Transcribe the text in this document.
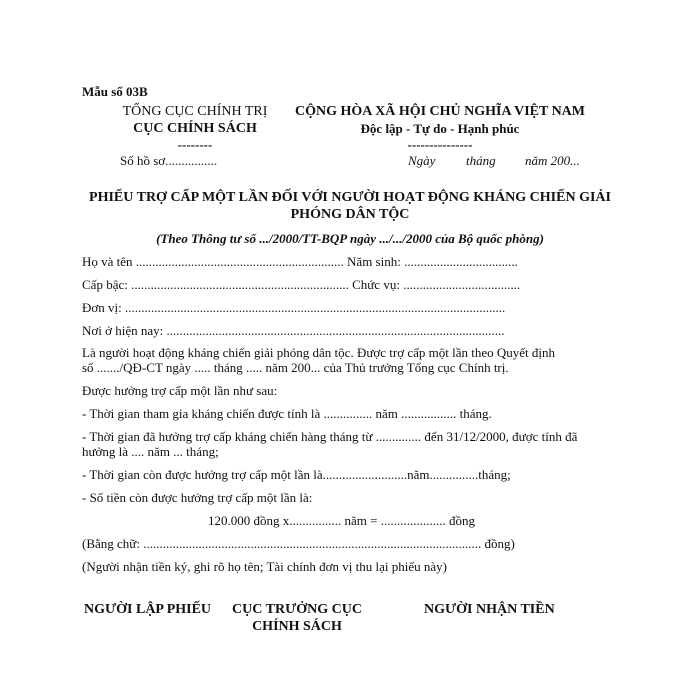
Mẫu số 03B
TỔNG CỤC CHÍNH TRỊ
CỤC CHÍNH SÁCH
--------
Số hồ sơ................
CỘNG HÒA XÃ HỘI CHỦ NGHĨA VIỆT NAM
Độc lập - Tự do - Hạnh phúc
---------------
Ngày tháng năm 200...
PHIẾU TRỢ CẤP MỘT LẦN ĐỐI VỚI NGƯỜI HOẠT ĐỘNG KHÁNG CHIẾN GIẢI
PHÓNG DÂN TỘC
(Theo Thông tư số .../2000/TT-BQP ngày .../.../2000 của Bộ quốc phòng)
Họ và tên ................................................................ Năm sinh: ...................................
Cấp bậc: ................................................................... Chức vụ: ....................................
Đơn vị: .....................................................................................................................
Nơi ở hiện nay: ........................................................................................................
Là người hoạt động kháng chiến giải phóng dân tộc. Được trợ cấp một lần theo Quyết định
số ......./QĐ-CT ngày ..... tháng ..... năm 200... của Thủ trưởng Tổng cục Chính trị.
Được hưởng trợ cấp một lần như sau:
- Thời gian tham gia kháng chiến được tính là ............... năm ................. tháng.
- Thời gian đã hưởng trợ cấp kháng chiến hàng tháng từ .............. đến 31/12/2000, được tính đã
hưởng là .... năm ... tháng;
- Thời gian còn được hưởng trợ cấp một lần là..........................năm...............tháng;
- Số tiền còn được hưởng trợ cấp một lần là:
120.000 đồng x................ năm = .................... đồng
(Bằng chữ: ........................................................................................................ đồng)
(Người nhận tiền ký, ghi rõ họ tên; Tài chính đơn vị thu lại phiếu này)
NGƯỜI LẬP PHIẾU	CỤC TRƯỞNG CỤC
CHÍNH SÁCH
NGƯỜI NHẬN TIỀN
